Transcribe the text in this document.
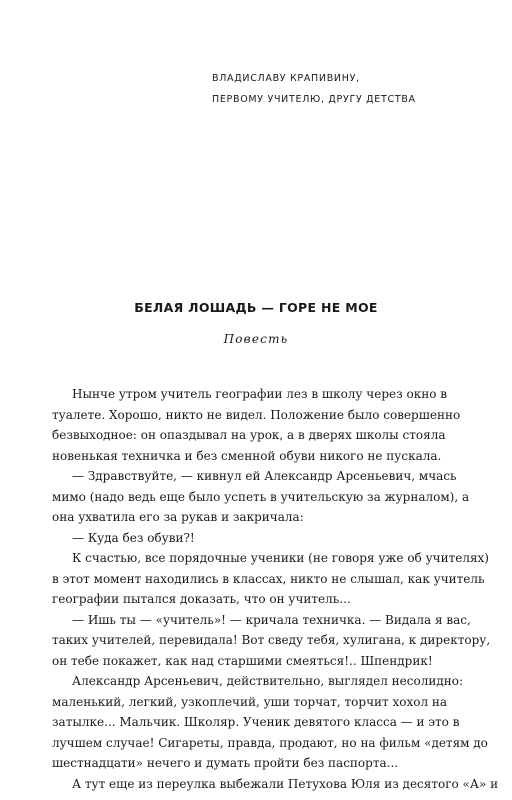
ВЛАДИСЛАВУ КРАПИВИНУ,
ПЕРВОМУ УЧИТЕЛЮ, ДРУГУ ДЕТСТВА
БЕЛАЯ ЛОШАДЬ — ГОРЕ НЕ МОЕ
Повесть
Нынче утром учитель географии лез в школу через окно в
туалете. Хорошо, никто не видел. Положение было совершенно
безвыходное: он опаздывал на урок, а в дверях школы стояла
новенькая техничка и без сменной обуви никого не пускала.
— Здравствуйте, — кивнул ей Александр Арсеньевич, мчась
мимо (надо ведь еще было успеть в учительскую за журналом), а
она ухватила его за рукав и закричала:
— Куда без обуви?!
К счастью, все порядочные ученики (не говоря уже об учителях)
в этот момент находились в классах, никто не слышал, как учитель
географии пытался доказать, что он учитель...
— Ишь ты — «учитель»! — кричала техничка. — Видала я вас,
таких учителей, перевидала! Вот сведу тебя, хулигана, к директору,
он тебе покажет, как над старшими смеяться!.. Шпендрик!
Александр Арсеньевич, действительно, выглядел несолидно:
маленький, легкий, узкоплечий, уши торчат, торчит хохол на
затылке... Мальчик. Школяр. Ученик девятого класса — и это в
лучшем случае! Сигареты, правда, продают, но на фильм «детям до
шестнадцати» нечего и думать пройти без паспорта...
А тут еще из переулка выбежали Петухова Юля из десятого «А» и
